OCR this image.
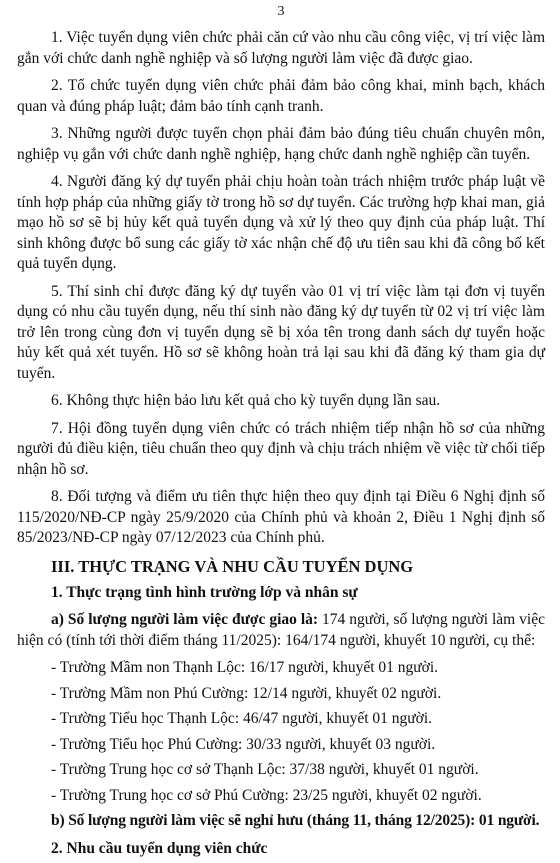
3

1. Việc tuyển dụng viên chức phải căn cứ vào nhu cầu công việc, vị trí việc làm gắn với chức danh nghề nghiệp và số lượng người làm việc đã được giao.

2. Tổ chức tuyển dụng viên chức phải đảm bảo công khai, minh bạch, khách quan và đúng pháp luật; đảm bảo tính cạnh tranh.

3. Những người được tuyển chọn phải đảm bảo đúng tiêu chuẩn chuyên môn, nghiệp vụ gắn với chức danh nghề nghiệp, hạng chức danh nghề nghiệp cần tuyển.

4. Người đăng ký dự tuyển phải chịu hoàn toàn trách nhiệm trước pháp luật về tính hợp pháp của những giấy tờ trong hồ sơ dự tuyển. Các trường hợp khai man, giả mạo hồ sơ sẽ bị hủy kết quả tuyển dụng và xử lý theo quy định của pháp luật. Thí sinh không được bổ sung các giấy tờ xác nhận chế độ ưu tiên sau khi đã công bố kết quả tuyển dụng.

5. Thí sinh chỉ được đăng ký dự tuyển vào 01 vị trí việc làm tại đơn vị tuyển dụng có nhu cầu tuyển dụng, nếu thí sinh nào đăng ký dự tuyển từ 02 vị trí việc làm trở lên trong cùng đơn vị tuyển dụng sẽ bị xóa tên trong danh sách dự tuyển hoặc hủy kết quả xét tuyển. Hồ sơ sẽ không hoàn trả lại sau khi đã đăng ký tham gia dự tuyển.

6. Không thực hiện bảo lưu kết quả cho kỳ tuyển dụng lần sau.

7. Hội đồng tuyển dụng viên chức có trách nhiệm tiếp nhận hồ sơ của những người đủ điều kiện, tiêu chuẩn theo quy định và chịu trách nhiệm về việc từ chối tiếp nhận hồ sơ.

8. Đối tượng và điểm ưu tiên thực hiện theo quy định tại Điều 6 Nghị định số 115/2020/NĐ-CP ngày 25/9/2020 của Chính phủ và khoản 2, Điều 1 Nghị định số 85/2023/NĐ-CP ngày 07/12/2023 của Chính phủ.

III. THỰC TRẠNG VÀ NHU CẦU TUYỂN DỤNG
1. Thực trạng tình hình trường lớp và nhân sự

a) Số lượng người làm việc được giao là: 174 người, số lượng người làm việc hiện có (tính tới thời điểm tháng 11/2025): 164/174 người, khuyết 10 người, cụ thể:

- Trường Mầm non Thạnh Lộc: 16/17 người, khuyết 01 người.

- Trường Mầm non Phú Cường: 12/14 người, khuyết 02 người.

- Trường Tiểu học Thạnh Lộc: 46/47 người, khuyết 01 người.

- Trường Tiểu học Phú Cường: 30/33 người, khuyết 03 người.

- Trường Trung học cơ sở Thạnh Lộc: 37/38 người, khuyết 01 người.

- Trường Trung học cơ sở Phú Cường: 23/25 người, khuyết 02 người.

b) Số lượng người làm việc sẽ nghỉ hưu (tháng 11, tháng 12/2025): 01 người.

2. Nhu cầu tuyển dụng viên chức
